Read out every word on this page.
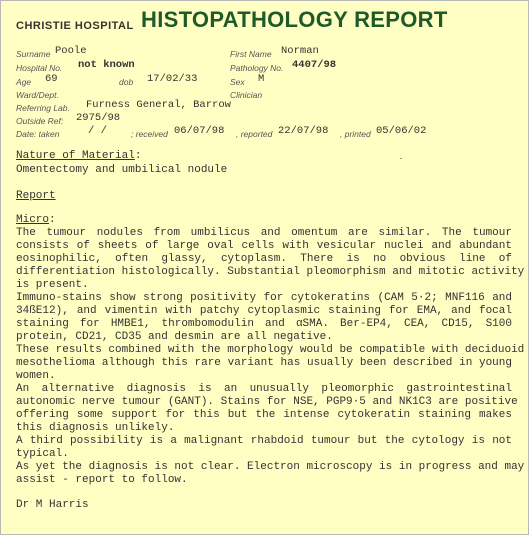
CHRISTIE HOSPITAL HISTOPATHOLOGY REPORT
Surname Poole	First Name Norman
Hospital No. not known	Pathology No. 4407/98
Age 69	dob 17/02/33	Sex M
Ward/Dept.	Clinician
Referring Lab. Furness General, Barrow
Outside Ref: 2975/98
Date: taken	/ /	; received 06/07/98 , reported 22/07/98 , printed 05/06/02
Nature of Material:
Omentectomy and umbilical nodule
Report
Micro:
The tumour nodules from umbilicus and omentum are similar. The tumour
consists of sheets of large oval cells with vesicular nuclei and abundant
eosinophilic, often glassy, cytoplasm. There is no obvious line of
differentiation histologically. Substantial pleomorphism and mitotic activity
is present.
Immuno-stains show strong positivity for cytokeratins (CAM 5·2; MNF116 and
34ßE12), and vimentin with patchy cytoplasmic staining for EMA, and focal
staining for HMBE1, thrombomodulin and αSMA. Ber-EP4, CEA, CD15, S100
protein, CD21, CD35 and desmin are all negative.
These results combined with the morphology would be compatible with deciduoid
mesothelioma although this rare variant has usually been described in young
women.
An alternative diagnosis is an unusually pleomorphic gastrointestinal
autonomic nerve tumour (GANT). Stains for NSE, PGP9·5 and NK1C3 are positive
offering some support for this but the intense cytokeratin staining makes
this diagnosis unlikely.
A third possibility is a malignant rhabdoid tumour but the cytology is not
typical.
As yet the diagnosis is not clear. Electron microscopy is in progress and may
assist - report to follow.
Dr M Harris
